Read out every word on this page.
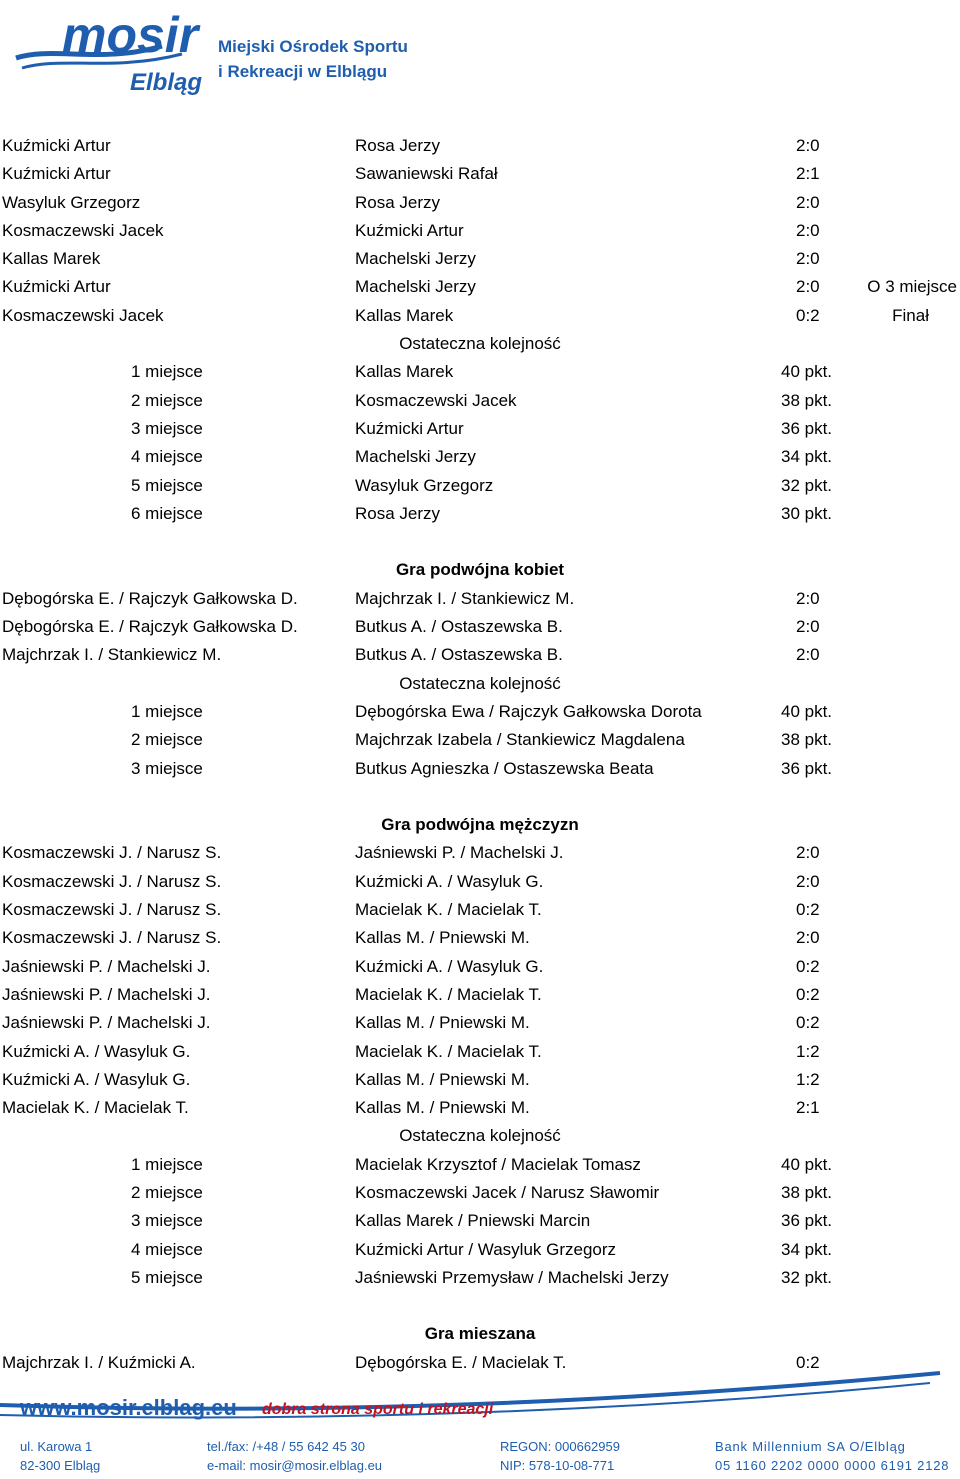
mosir
Elbląg
Miejski Ośrodek Sportu
i Rekreacji w Elblągu
Kuźmicki Artur	Rosa Jerzy	2:0
Kuźmicki Artur	Sawaniewski Rafał	2:1
Wasyluk Grzegorz	Rosa Jerzy	2:0
Kosmaczewski Jacek	Kuźmicki Artur	2:0
Kallas Marek	Machelski Jerzy	2:0
Kuźmicki Artur	Machelski Jerzy	2:0	O 3 miejsce
Kosmaczewski Jacek	Kallas Marek	0:2	Finał
Ostateczna kolejność
1 miejsce	Kallas Marek	40 pkt.
2 miejsce	Kosmaczewski Jacek	38 pkt.
3 miejsce	Kuźmicki Artur	36 pkt.
4 miejsce	Machelski Jerzy	34 pkt.
5 miejsce	Wasyluk Grzegorz	32 pkt.
6 miejsce	Rosa Jerzy	30 pkt.
Gra podwójna kobiet
Dębogórska E. / Rajczyk Gałkowska D.	Majchrzak I. / Stankiewicz M.	2:0
Dębogórska E. / Rajczyk Gałkowska D.	Butkus A. / Ostaszewska B.	2:0
Majchrzak I. / Stankiewicz M.	Butkus A. / Ostaszewska B.	2:0
Ostateczna kolejność
1 miejsce	Dębogórska Ewa / Rajczyk Gałkowska Dorota	40 pkt.
2 miejsce	Majchrzak Izabela / Stankiewicz Magdalena	38 pkt.
3 miejsce	Butkus Agnieszka / Ostaszewska Beata	36 pkt.
Gra podwójna mężczyzn
Kosmaczewski J. / Narusz S.	Jaśniewski P. / Machelski J.	2:0
Kosmaczewski J. / Narusz S.	Kuźmicki A. / Wasyluk G.	2:0
Kosmaczewski J. / Narusz S.	Macielak K. / Macielak T.	0:2
Kosmaczewski J. / Narusz S.	Kallas M. / Pniewski M.	2:0
Jaśniewski P. / Machelski J.	Kuźmicki A. / Wasyluk G.	0:2
Jaśniewski P. / Machelski J.	Macielak K. / Macielak T.	0:2
Jaśniewski P. / Machelski J.	Kallas M. / Pniewski M.	0:2
Kuźmicki A. / Wasyluk G.	Macielak K. / Macielak T.	1:2
Kuźmicki A. / Wasyluk G.	Kallas M. / Pniewski M.	1:2
Macielak K. / Macielak T.	Kallas M. / Pniewski M.	2:1
Ostateczna kolejność
1 miejsce	Macielak Krzysztof / Macielak Tomasz	40 pkt.
2 miejsce	Kosmaczewski Jacek / Narusz Sławomir	38 pkt.
3 miejsce	Kallas Marek / Pniewski Marcin	36 pkt.
4 miejsce	Kuźmicki Artur / Wasyluk Grzegorz	34 pkt.
5 miejsce	Jaśniewski Przemysław / Machelski Jerzy	32 pkt.
Gra mieszana
Majchrzak I. / Kuźmicki A.	Dębogórska E. / Macielak T.	0:2
www.mosir.elblag.eu dobra strona sportu i rekreacji
ul. Karowa 1
82-300 Elbląg
tel./fax: /+48 / 55 642 45 30
e-mail: mosir@mosir.elblag.eu
REGON: 000662959
NIP: 578-10-08-771
Bank Millennium SA O/Elbląg
05 1160 2202 0000 0000 6191 2128
